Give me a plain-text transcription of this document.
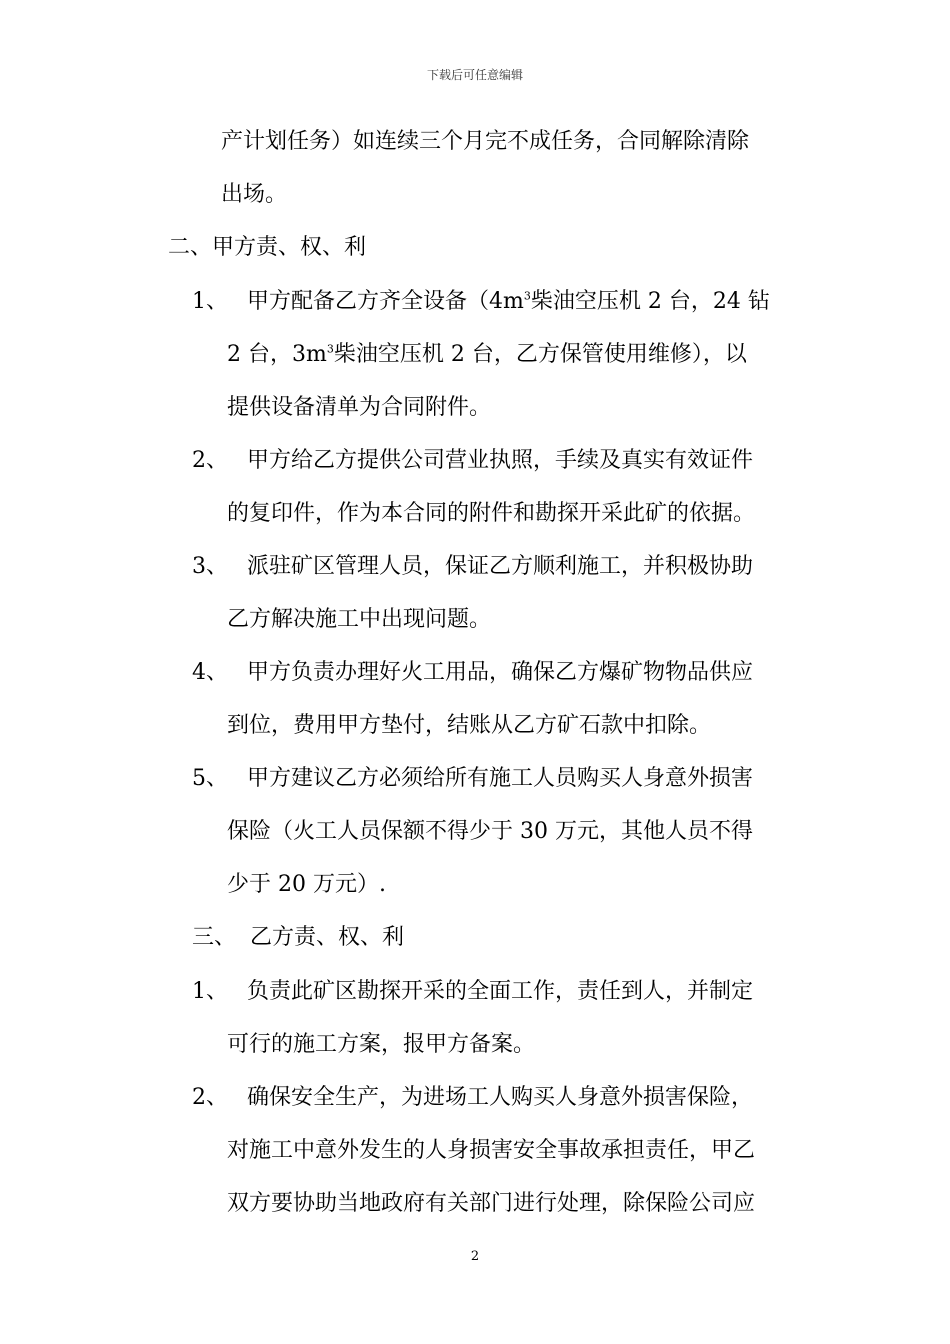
下载后可任意编辑
产计划任务）如连续三个月完不成任务，合同解除清除
出场。
二、甲方责、权、利
1、 甲方配备乙方齐全设备（$4m^3$柴油空压机 2 台，24 钻
2 台，$3m^3$柴油空压机 2 台，乙方保管使用维修），以
提供设备清单为合同附件。
2、 甲方给乙方提供公司营业执照，手续及真实有效证件
的复印件，作为本合同的附件和勘探开采此矿的依据。
3、 派驻矿区管理人员，保证乙方顺利施工，并积极协助
乙方解决施工中出现问题。
4、 甲方负责办理好火工用品，确保乙方爆矿物物品供应
到位，费用甲方垫付，结账从乙方矿石款中扣除。
5、 甲方建议乙方必须给所有施工人员购买人身意外损害
保险（火工人员保额不得少于 30 万元，其他人员不得
少于 20 万元）.
三、 乙方责、权、利
1、 负责此矿区勘探开采的全面工作，责任到人，并制定
可行的施工方案，报甲方备案。
2、 确保安全生产，为进场工人购买人身意外损害保险，
对施工中意外发生的人身损害安全事故承担责任，甲乙
双方要协助当地政府有关部门进行处理，除保险公司应
2
